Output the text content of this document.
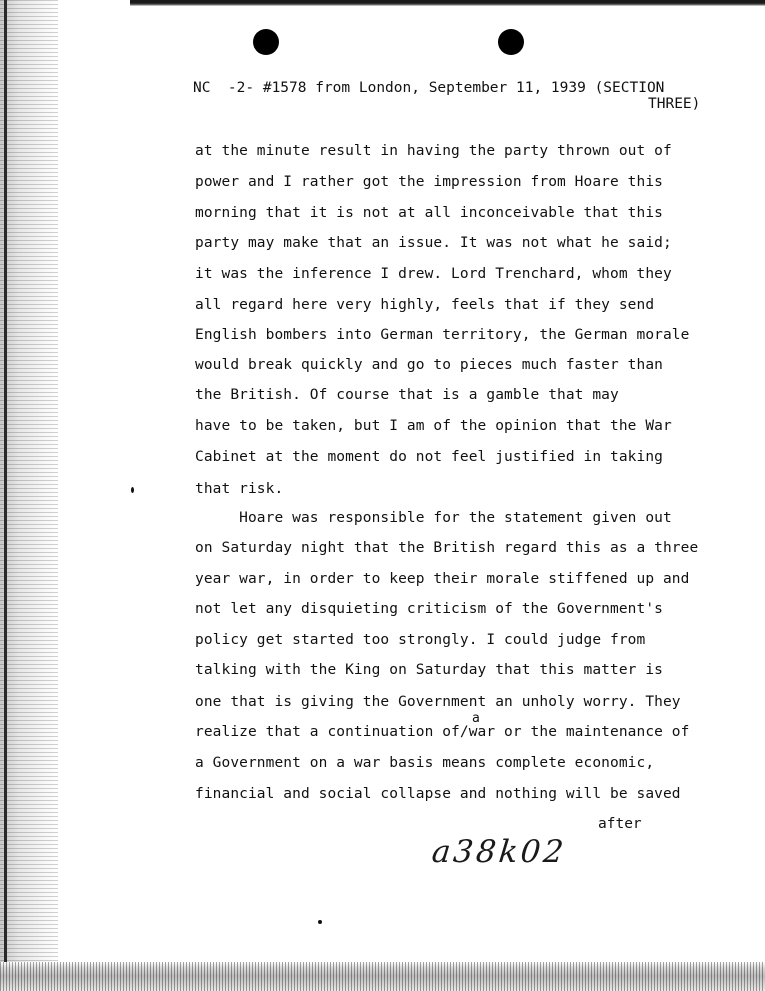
NC  -2- #1578 from London, September 11, 1939 (SECTION
THREE)
at the minute result in having the party thrown out of
power and I rather got the impression from Hoare this
morning that it is not at all inconceivable that this
party may make that an issue. It was not what he said;
it was the inference I drew. Lord Trenchard, whom they
all regard here very highly, feels that if they send
English bombers into German territory, the German morale
would break quickly and go to pieces much faster than
the British. Of course that is a gamble that may
have to be taken, but I am of the opinion that the War
Cabinet at the moment do not feel justified in taking
that risk.
Hoare was responsible for the statement given out
on Saturday night that the British regard this as a three
year war, in order to keep their morale stiffened up and
not let any disquieting criticism of the Government's
policy get started too strongly. I could judge from
talking with the King on Saturday that this matter is
one that is giving the Government an unholy worry. They
realize that a continuation of/war or the maintenance of
a Government on a war basis means complete economic,
financial and social collapse and nothing will be saved
a
after
a38k02
